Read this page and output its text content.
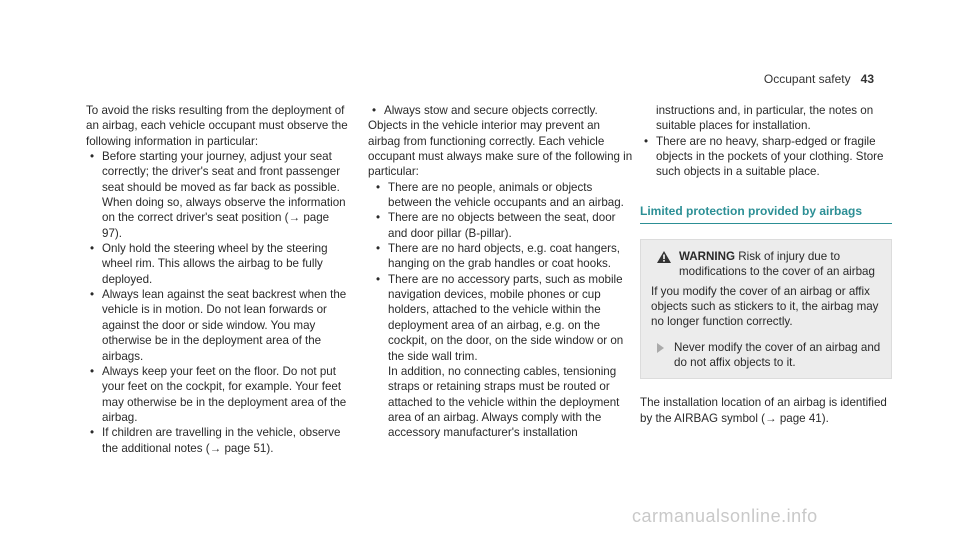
Occupant safety 43

To avoid the risks resulting from the deployment of an airbag, each vehicle occupant must observe the following information in particular:

• Before starting your journey, adjust your seat correctly; the driver's seat and front passenger seat should be moved as far back as possible.
When doing so, always observe the information on the correct driver's seat position (→ page 97).
• Only hold the steering wheel by the steering wheel rim. This allows the airbag to be fully deployed.
• Always lean against the seat backrest when the vehicle is in motion. Do not lean forwards or against the door or side window. You may otherwise be in the deployment area of the airbags.
• Always keep your feet on the floor. Do not put your feet on the cockpit, for example. Your feet may otherwise be in the deployment area of the airbag.
• If children are travelling in the vehicle, observe the additional notes (→ page 51).
• Always stow and secure objects correctly.

Objects in the vehicle interior may prevent an airbag from functioning correctly. Each vehicle occupant must always make sure of the following in particular:

• There are no people, animals or objects between the vehicle occupants and an airbag.
• There are no objects between the seat, door and door pillar (B-pillar).
• There are no hard objects, e.g. coat hangers, hanging on the grab handles or coat hooks.
• There are no accessory parts, such as mobile navigation devices, mobile phones or cup holders, attached to the vehicle within the deployment area of an airbag, e.g. on the cockpit, on the door, on the side window or on the side wall trim.
In addition, no connecting cables, tensioning straps or retaining straps must be routed or attached to the vehicle within the deployment area of an airbag. Always comply with the accessory manufacturer's installation
instructions and, in particular, the notes on suitable places for installation.
• There are no heavy, sharp-edged or fragile objects in the pockets of your clothing. Store such objects in a suitable place.
Limited protection provided by airbags
WARNING Risk of injury due to modifications to the cover of an airbag
If you modify the cover of an airbag or affix objects such as stickers to it, the airbag may no longer function correctly.
Never modify the cover of an airbag and do not affix objects to it.

The installation location of an airbag is identified by the AIRBAG symbol (→ page 41).

carmanualsonline.info
